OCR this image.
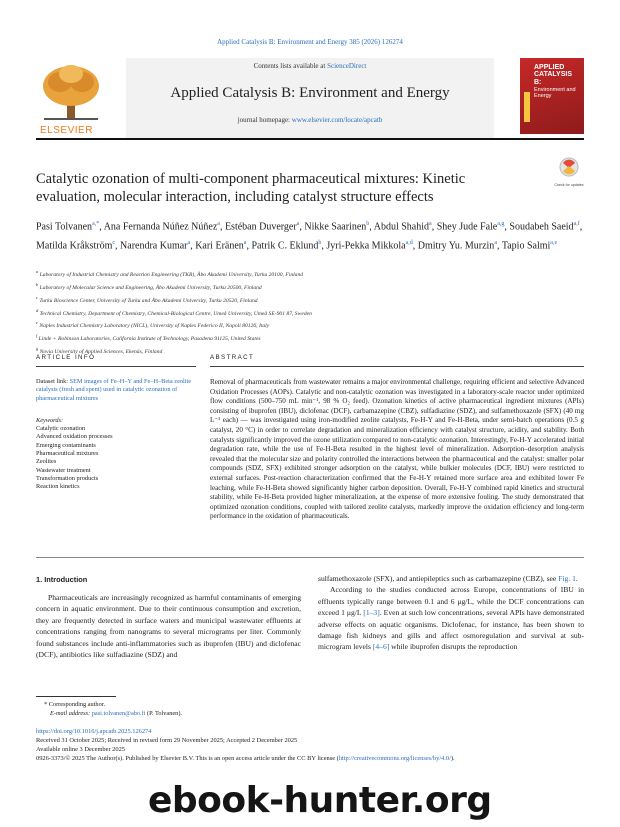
Applied Catalysis B: Environment and Energy 385 (2026) 126274
ELSEVIER
Contents lists available at ScienceDirect
Applied Catalysis B: Environment and Energy
journal homepage: www.elsevier.com/locate/apcatb
APPLIED CATALYSIS B:
Environment and Energy
Check for updates
Catalytic ozonation of multi-component pharmaceutical mixtures: Kinetic evaluation, molecular interaction, including catalyst structure effects
Pasi Tolvanen$^{a,*}$, Ana Fernanda Núñez Núñez$^a$, Estéban Duverger$^a$, Nikke Saarinen$^b$, Abdul Shahid$^a$, Shey Jude Fale$^{a,g}$, Soudabeh Saeid$^{a,f}$, Matilda Kråkström$^c$, Narendra Kumar$^a$, Kari Eränen$^a$, Patrik C. Eklund$^b$, Jyri-Pekka Mikkola$^{a,d}$, Dmitry Yu. Murzin$^a$, Tapio Salmi$^{a,e}$
$^a$ Laboratory of Industrial Chemistry and Reaction Engineering (TKR), Åbo Akademi University, Turku 20100, Finland
$^b$ Laboratory of Molecular Science and Engineering, Åbo Akademi University, Turku 20500, Finland
$^c$ Turku Bioscience Center, University of Turku and Åbo Akademi University, Turku 20520, Finland
$^d$ Technical Chemistry, Department of Chemistry, Chemical-Biological Centre, Umeå University, Umeå SE-901 87, Sweden
$^e$ Naples Industrial Chemistry Laboratory (NICL), University of Naples Federico II, Napoli 80126, Italy
$^f$ Linde + Robinson Laboratories, California Institute of Technology, Pasadena 91125, United States
$^g$ Novia University of Applied Sciences, Ekenäs, Finland
ARTICLE INFO	ABSTRACT
Dataset link: SEM images of Fe–H–Y and Fe–H–Beta zeolite catalysts (fresh and spent) used in catalytic ozonation of pharmaceutical mixtures
Keywords:
Catalytic ozonation
Advanced oxidation processes
Emerging contaminants
Pharmaceutical mixtures
Zeolites
Wastewater treatment
Transformation products
Reaction kinetics
Removal of pharmaceuticals from wastewater remains a major environmental challenge, requiring efficient and selective Advanced Oxidation Processes (AOPs). Catalytic and non-catalytic ozonation was investigated in a laboratory-scale reactor under optimized flow conditions (500–750 mL min⁻¹, 98 % O₂ feed). Ozonation kinetics of active pharmaceutical ingredient mixtures (APIs) consisting of ibuprofen (IBU), diclofenac (DCF), carbamazepine (CBZ), sulfadiazine (SDZ), and sulfamethoxazole (SFX) (40 mg L⁻¹ each) — was investigated using iron-modified zeolite catalysts, Fe-H-Y and Fe-H-Beta, under semi-batch operations (0.5 g catalyst, 20 °C) in order to correlate degradation and mineralization efficiency with catalyst structure, acidity, and stability. Both catalysts significantly improved the ozone utilization compared to non-catalytic ozonation. Interestingly, Fe-H-Y accelerated initial degradation rate, while the use of Fe-H-Beta resulted in the highest level of mineralization. Adsorption–desorption analysis revealed that the molecular size and polarity controlled the interactions between the pharmaceutical and the catalyst: smaller polar compounds (SDZ, SFX) exhibited stronger adsorption on the catalyst, while bulkier molecules (DCF, IBU) were restricted to external surfaces. Post-reaction characterization confirmed that the Fe-H-Y retained more surface area and exhibited lower Fe leaching, while Fe-H-Beta showed significantly higher carbon deposition. Overall, Fe-H-Y combined rapid kinetics and structural stability, while Fe-H-Beta provided higher mineralization, at the expense of more extensive fouling. The study demonstrated that optimized ozonation conditions, coupled with tailored zeolite catalysts, markedly improve the oxidation efficiency and long-term performance in the oxidation of pharmaceuticals.
1. Introduction
Pharmaceuticals are increasingly recognized as harmful contaminants of emerging concern in aquatic environment. Due to their continuous consumption and excretion, they are frequently detected in surface waters and municipal wastewater effluents at concentrations ranging from nanograms to several micrograms per liter. Commonly found substances include anti-inflammatories such as ibuprofen (IBU) and diclofenac (DCF), antibiotics like sulfadiazine (SDZ) and

sulfamethoxazole (SFX), and antiepileptics such as carbamazepine (CBZ), see Fig. 1.

According to the studies conducted across Europe, concentrations of IBU in effluents typically range between 0.1 and 6 μg/L, while the DCF concentrations can exceed 1 μg/L [1–3]. Even at such low concentrations, several APIs have demonstrated adverse effects on aquatic organisms. Diclofenac, for instance, has been shown to damage fish kidneys and gills and affect osmoregulation and survival at sub-microgram levels [4–6] while ibuprofen disrupts the reproduction

* Corresponding author.
E-mail address: pasi.tolvanen@abo.fi (P. Tolvanen).
https://doi.org/10.1016/j.apcatb.2025.126274
Received 31 October 2025; Received in revised form 29 November 2025; Accepted 2 December 2025
Available online 3 December 2025
0926-3373/© 2025 The Author(s). Published by Elsevier B.V. This is an open access article under the CC BY license (http://creativecommons.org/licenses/by/4.0/).
ebook-hunter.org
